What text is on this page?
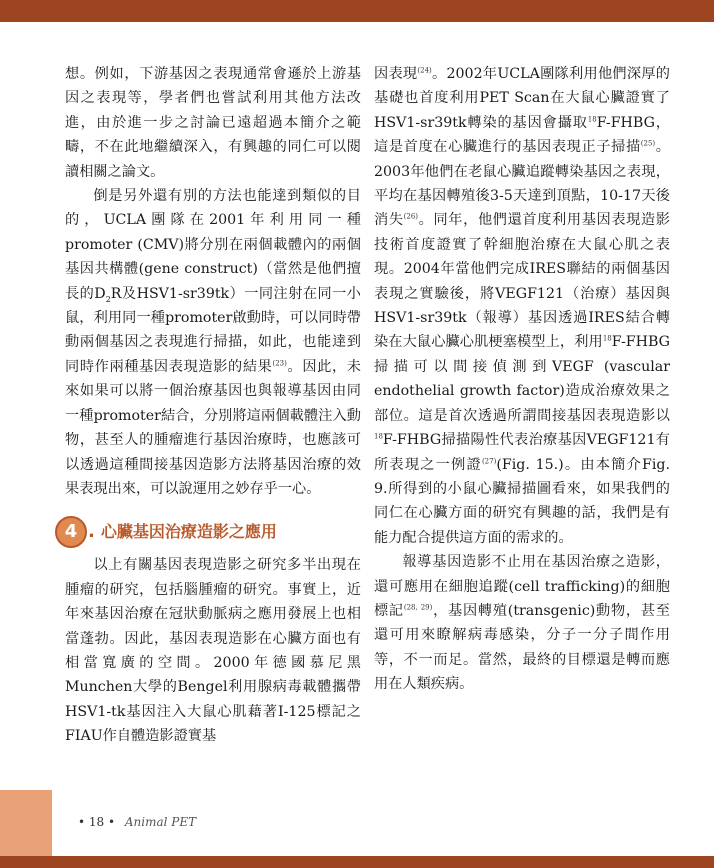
想。例如，下游基因之表現通常會遜於上游基因之表現等，學者們也嘗試利用其他方法改進，由於進一步之討論已遠超過本簡介之範疇，不在此地繼續深入，有興趣的同仁可以閱讀相關之論文。

倒是另外還有別的方法也能達到類似的目的，UCLA團隊在2001年利用同一種promoter (CMV)將分別在兩個載體內的兩個基因共構體(gene construct)（當然是他們擅長的$D_2R$及HSV1-sr39tk）一同注射在同一小鼠，利用同一種promoter啟動時，可以同時帶動兩個基因之表現進行掃描，如此，也能達到同時作兩種基因表現造影的結果$^{(23)}$。因此，未來如果可以將一個治療基因也與報導基因由同一種promoter結合，分別將這兩個載體注入動物，甚至人的腫瘤進行基因治療時，也應該可以透過這種間接基因造影方法將基因治療的效果表現出來，可以說運用之妙存乎一心。

4 . 心臟基因治療造影之應用

以上有關基因表現造影之研究多半出現在腫瘤的研究，包括腦腫瘤的研究。事實上，近年來基因治療在冠狀動脈病之應用發展上也相當蓬勃。因此，基因表現造影在心臟方面也有相當寬廣的空間。2000年德國慕尼黑Munchen大學的Bengel利用腺病毒載體攜帶HSV1-tk基因注入大鼠心肌藉著I-125標記之FIAU作自體造影證實基

因表現$^{(24)}$。2002年UCLA團隊利用他們深厚的基礎也首度利用PET Scan在大鼠心臟證實了HSV1-sr39tk轉染的基因會攝取$^{18}$F-FHBG，這是首度在心臟進行的基因表現正子掃描$^{(25)}$。2003年他們在老鼠心臟追蹤轉染基因之表現，平均在基因轉殖後3-5天達到頂點，10-17天後消失$^{(26)}$。同年，他們還首度利用基因表現造影技術首度證實了幹細胞治療在大鼠心肌之表現。2004年當他們完成IRES聯結的兩個基因表現之實驗後，將VEGF121（治療）基因與HSV1-sr39tk（報導）基因透過IRES結合轉染在大鼠心臟心肌梗塞模型上，利用$^{18}$F-FHBG掃描可以間接偵測到VEGF (vascular endothelial growth factor)造成治療效果之部位。這是首次透過所謂間接基因表現造影以$^{18}$F-FHBG掃描陽性代表治療基因VEGF121有所表現之一例證$^{(27)}$(Fig. 15.)。由本簡介Fig. 9.所得到的小鼠心臟掃描圖看來，如果我們的同仁在心臟方面的研究有興趣的話，我們是有能力配合提供這方面的需求的。

報導基因造影不止用在基因治療之造影，還可應用在細胞追蹤(cell trafficking)的細胞標記$^{(28, 29)}$，基因轉殖(transgenic)動物，甚至還可用來瞭解病毒感染，分子一分子間作用等，不一而足。當然，最終的目標還是轉而應用在人類疾病。

• 18 • Animal PET
